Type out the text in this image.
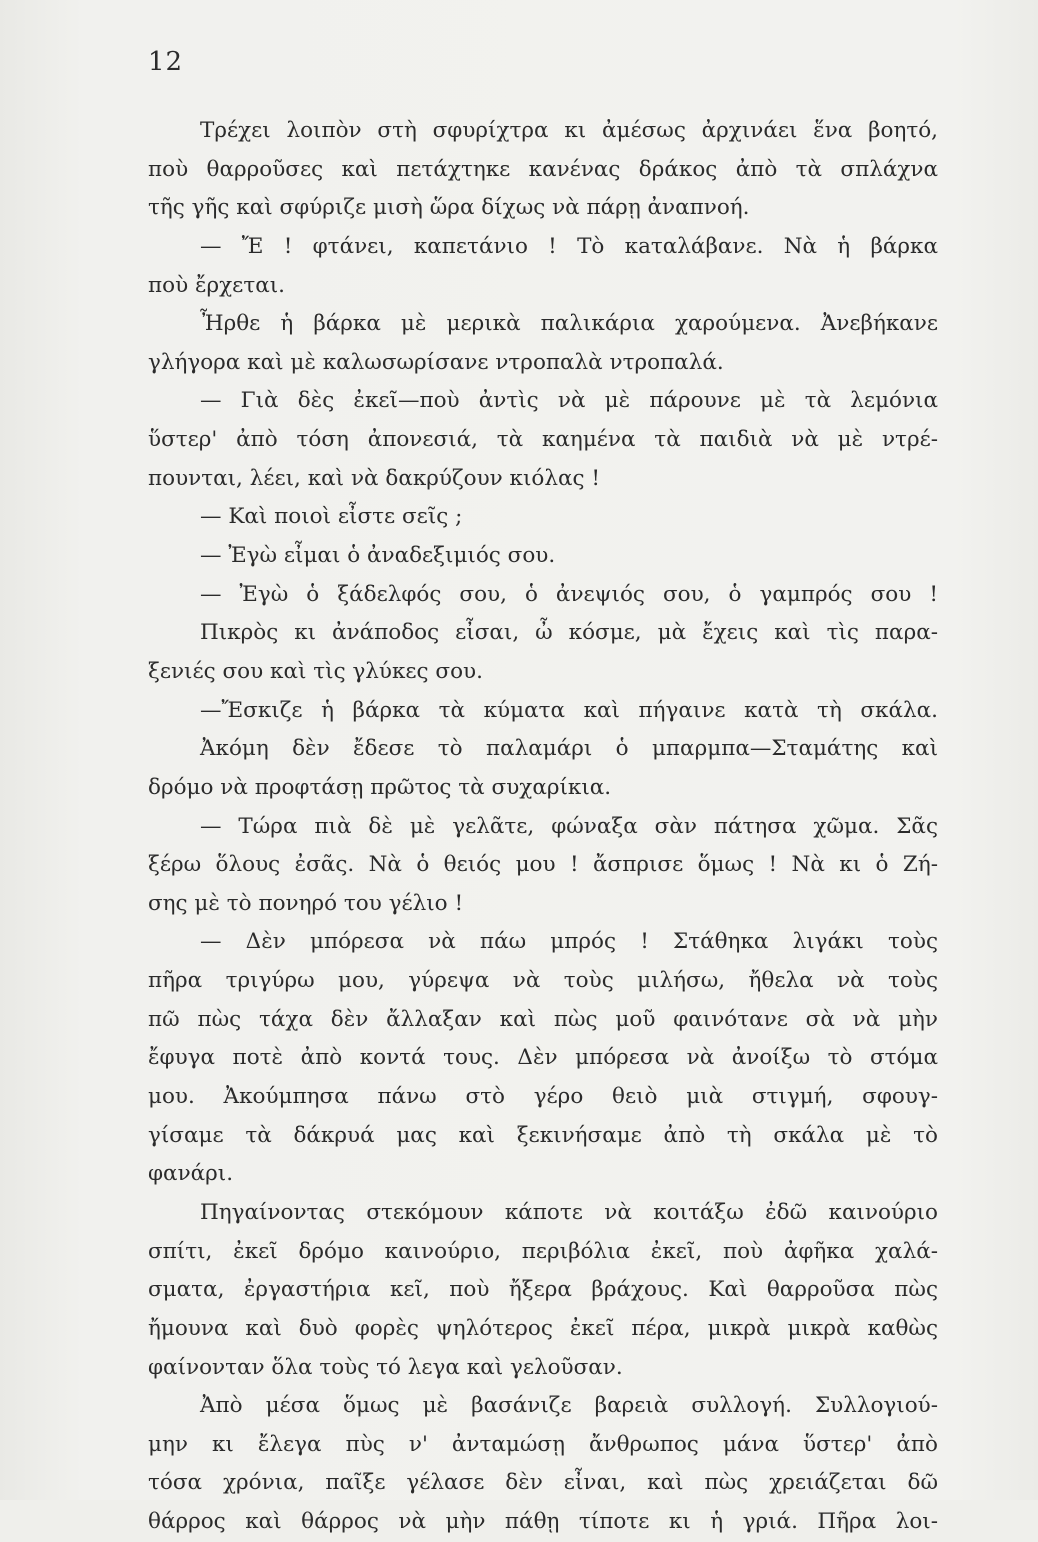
12
Τρέχει λοιπὸν στὴ σφυρίχτρα κι ἀμέσως ἀρχινάει ἕνα βοητό,
ποὺ θαρροῦσες καὶ πετάχτηκε κανένας δράκος ἀπὸ τὰ σπλάχνα
τῆς γῆς καὶ σφύριζε μισὴ ὥρα δίχως νὰ πάρῃ ἀναπνοή.
— Ἔ ! φτάνει, καπετάνιο ! Τὸ κaταλάβανε. Νὰ ἡ βάρκα
ποὺ ἔρχεται.
Ἦρθε ἡ βάρκα μὲ μερικὰ παλικάρια χαρούμενα. Ἀνεβήκανε
γλήγορα καὶ μὲ καλωσωρίσανε ντροπαλὰ ντροπαλά.
— Γιὰ δὲς ἐκεῖ—ποὺ ἀντὶς νὰ μὲ πάρουνε μὲ τὰ λεμόνια
ὕστερ' ἀπὸ τόση ἀπονεσιά, τὰ καημένα τὰ παιδιὰ νὰ μὲ ντρέ-
πουνται, λέει, καὶ νὰ δακρύζουν κιόλας !
— Καὶ ποιοὶ εἶστε σεῖς ;
— Ἐγὼ εἶμαι ὁ ἀναδεξιμιός σου.
— Ἐγὼ ὁ ξάδελφός σου, ὁ ἀνεψιός σου, ὁ γαμπρός σου !
Πικρὸς κι ἀνάποδος εἶσαι, ὦ κόσμε, μὰ ἔχεις καὶ τὶς παρα-
ξενιές σου καὶ τὶς γλύκες σου.
—Ἔσκιζε ἡ βάρκα τὰ κύματα καὶ πήγαινε κατὰ τὴ σκάλα.
Ἀκόμη δὲν ἔδεσε τὸ παλαμάρι ὁ μπαρμπα—Σταμάτης καὶ
δρόμο νὰ προφτάσῃ πρῶτος τὰ συχαρίκια.
— Τώρα πιὰ δὲ μὲ γελᾶτε, φώναξα σὰν πάτησα χῶμα. Σᾶς
ξέρω ὅλους ἐσᾶς. Νὰ ὁ θειός μου ! ἄσπρισε ὅμως ! Νὰ κι ὁ Ζή-
σης μὲ τὸ πονηρό του γέλιο !
— Δὲν μπόρεσα νὰ πάω μπρός ! Στάθηκα λιγάκι τοὺς
πῆρα τριγύρω μου, γύρεψα νὰ τοὺς μιλήσω, ἤθελα νὰ τοὺς
πῶ πὼς τάχα δὲν ἄλλαξαν καὶ πὼς μοῦ φαινότανε σὰ νὰ μὴν
ἔφυγα ποτὲ ἀπὸ κοντά τους. Δὲν μπόρεσα νὰ ἀνοίξω τὸ στόμα
μου. Ἀκούμπησα πάνω στὸ γέρο θειὸ μιὰ στιγμή, σφουγ-
γίσαμε τὰ δάκρυά μας καὶ ξεκινήσαμε ἀπὸ τὴ σκάλα μὲ τὸ
φανάρι.
Πηγαίνοντας στεκόμουν κάποτε νὰ κοιτάξω ἐδῶ καινούριο
σπίτι, ἐκεῖ δρόμο καινούριο, περιβόλια ἐκεῖ, ποὺ ἀφῆκα χαλά-
σματα, ἐργαστήρια κεῖ, ποὺ ἤξερα βράχους. Καὶ θαρροῦσα πὼς
ἤμουνα καὶ δυὸ φορὲς ψηλότερος ἐκεῖ πέρα, μικρὰ μικρὰ καθὼς
φαίνονταν ὅλα τοὺς τό λεγα καὶ γελοῦσαν.
Ἀπὸ μέσα ὅμως μὲ βασάνιζε βαρειὰ συλλογή. Συλλογιού-
μην κι ἔλεγα πὺς ν' ἀνταμώσῃ ἄνθρωπος μάνα ὕστερ' ἀπὸ
τόσα χρόνια, παῖξε γέλασε δὲν εἶναι, καὶ πὼς χρειάζεται δῶ
θάρρος καὶ θάρρος νὰ μὴν πάθῃ τίποτε κι ἡ γριά. Πῆρα λοι-
